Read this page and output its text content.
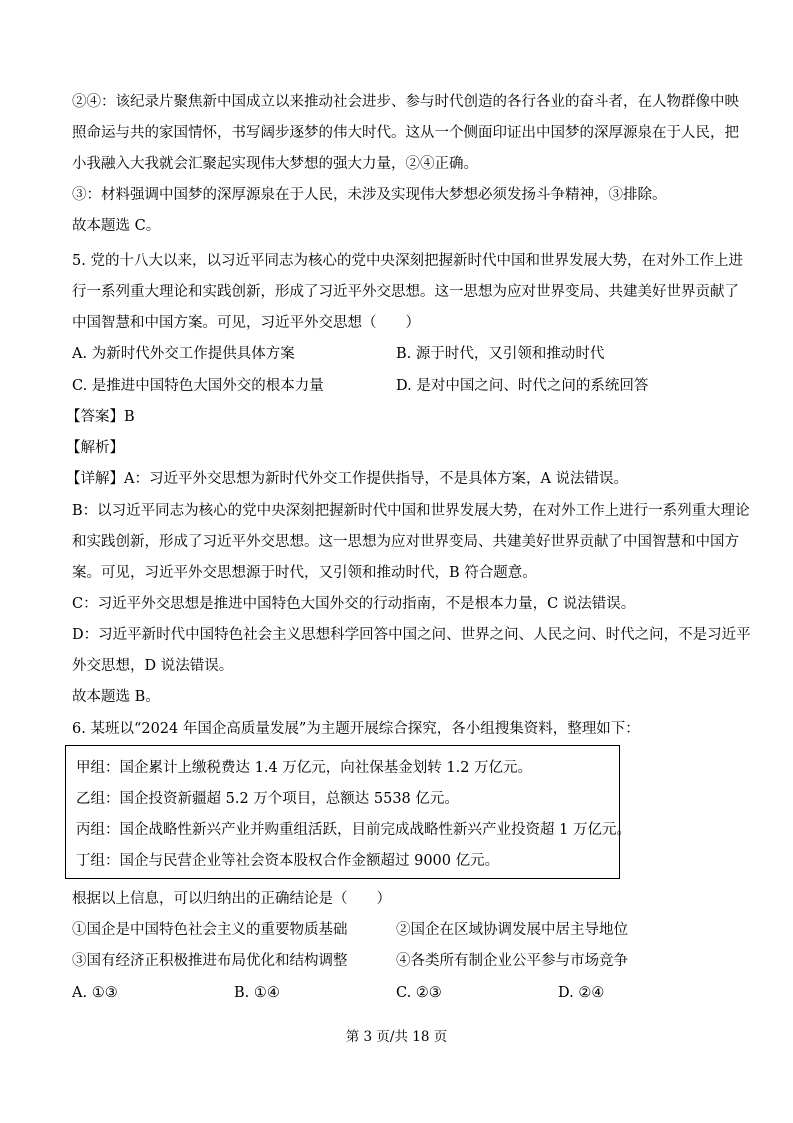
②④：该纪录片聚焦新中国成立以来推动社会进步、参与时代创造的各行各业的奋斗者，在人物群像中映
照命运与共的家国情怀，书写阔步逐梦的伟大时代。这从一个侧面印证出中国梦的深厚源泉在于人民，把
小我融入大我就会汇聚起实现伟大梦想的强大力量，②④正确。
③：材料强调中国梦的深厚源泉在于人民，未涉及实现伟大梦想必须发扬斗争精神，③排除。
故本题选 C。
5. 党的十八大以来，以习近平同志为核心的党中央深刻把握新时代中国和世界发展大势，在对外工作上进
行一系列重大理论和实践创新，形成了习近平外交思想。这一思想为应对世界变局、共建美好世界贡献了
中国智慧和中国方案。可见，习近平外交思想（　　）
A. 为新时代外交工作提供具体方案	B. 源于时代，又引领和推动时代
C. 是推进中国特色大国外交的根本力量	D. 是对中国之问、时代之问的系统回答
【答案】B
【解析】
【详解】A：习近平外交思想为新时代外交工作提供指导，不是具体方案，A 说法错误。
B：以习近平同志为核心的党中央深刻把握新时代中国和世界发展大势，在对外工作上进行一系列重大理论
和实践创新，形成了习近平外交思想。这一思想为应对世界变局、共建美好世界贡献了中国智慧和中国方
案。可见，习近平外交思想源于时代，又引领和推动时代，B 符合题意。
C：习近平外交思想是推进中国特色大国外交的行动指南，不是根本力量，C 说法错误。
D：习近平新时代中国特色社会主义思想科学回答中国之问、世界之问、人民之问、时代之问，不是习近平
外交思想，D 说法错误。
故本题选 B。
6. 某班以“2024 年国企高质量发展”为主题开展综合探究，各小组搜集资料，整理如下：
甲组：国企累计上缴税费达 1.4 万亿元，向社保基金划转 1.2 万亿元。
乙组：国企投资新疆超 5.2 万个项目，总额达 5538 亿元。
丙组：国企战略性新兴产业并购重组活跃，目前完成战略性新兴产业投资超 1 万亿元。
丁组：国企与民营企业等社会资本股权合作金额超过 9000 亿元。
根据以上信息，可以归纳出的正确结论是（　　）
①国企是中国特色社会主义的重要物质基础	②国企在区域协调发展中居主导地位
③国有经济正积极推进布局优化和结构调整	④各类所有制企业公平参与市场竞争
A. ①③	B. ①④	C. ②③	D. ②④
第 3 页/共 18 页
